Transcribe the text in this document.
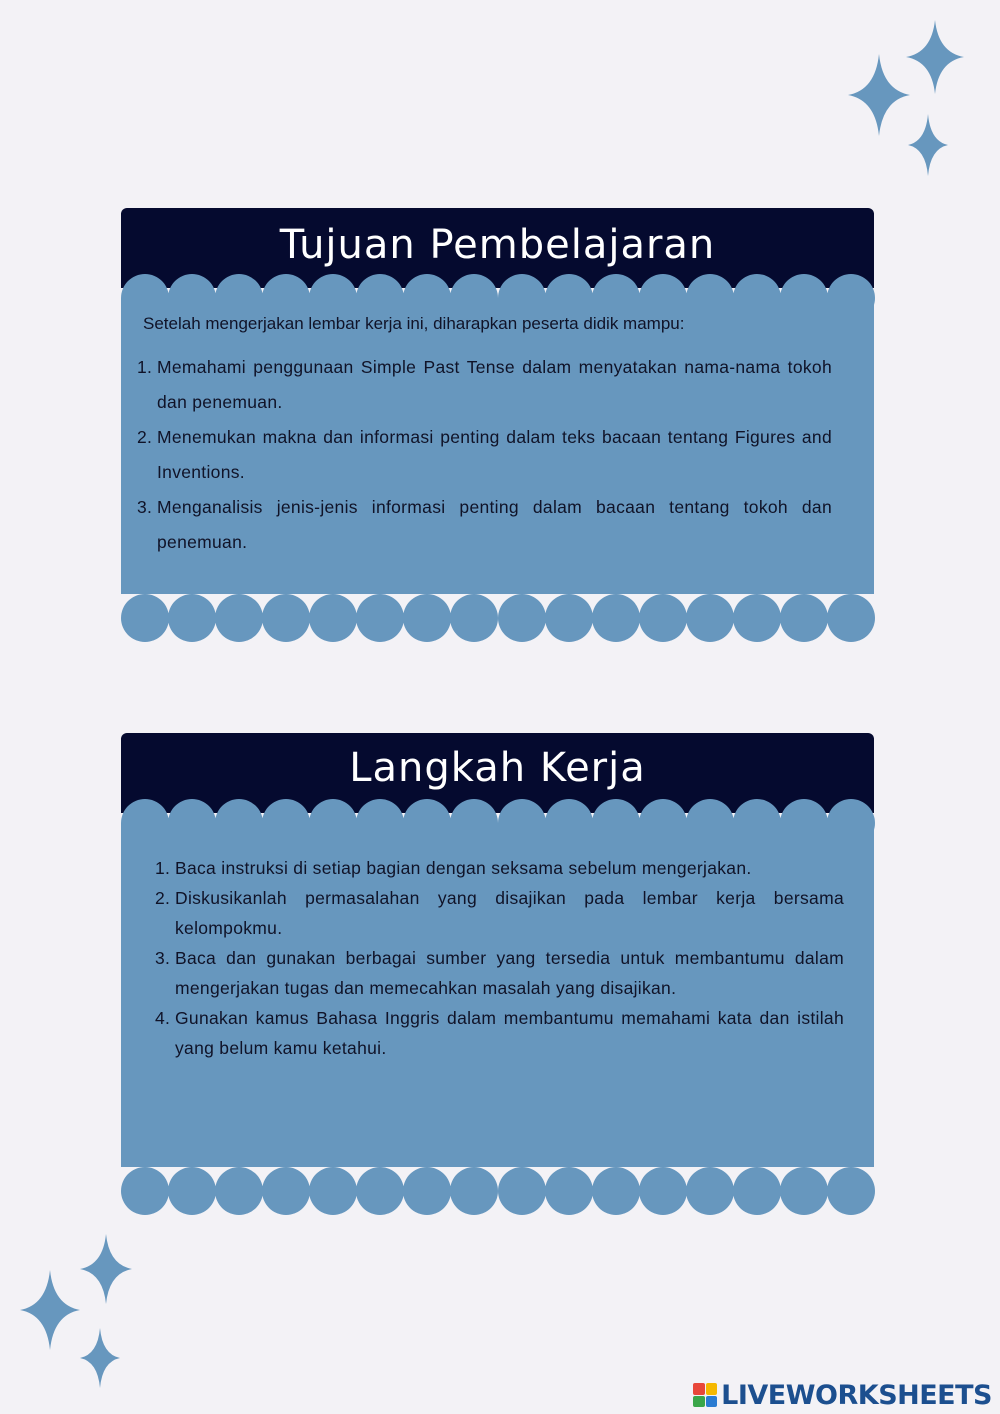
Tujuan Pembelajaran

Setelah mengerjakan lembar kerja ini, diharapkan peserta didik mampu:

1. Memahami penggunaan Simple Past Tense dalam menyatakan nama-nama tokoh dan penemuan.
2. Menemukan makna dan informasi penting dalam teks bacaan tentang Figures and Inventions.
3. Menganalisis jenis-jenis informasi penting dalam bacaan tentang tokoh dan penemuan.
Langkah Kerja
1. Baca instruksi di setiap bagian dengan seksama sebelum mengerjakan.
2. Diskusikanlah permasalahan yang disajikan pada lembar kerja bersama kelompokmu.
3. Baca dan gunakan berbagai sumber yang tersedia untuk membantumu dalam mengerjakan tugas dan memecahkan masalah yang disajikan.
4. Gunakan kamus Bahasa Inggris dalam membantumu memahami kata dan istilah yang belum kamu ketahui.
LIVEWORKSHEETS
